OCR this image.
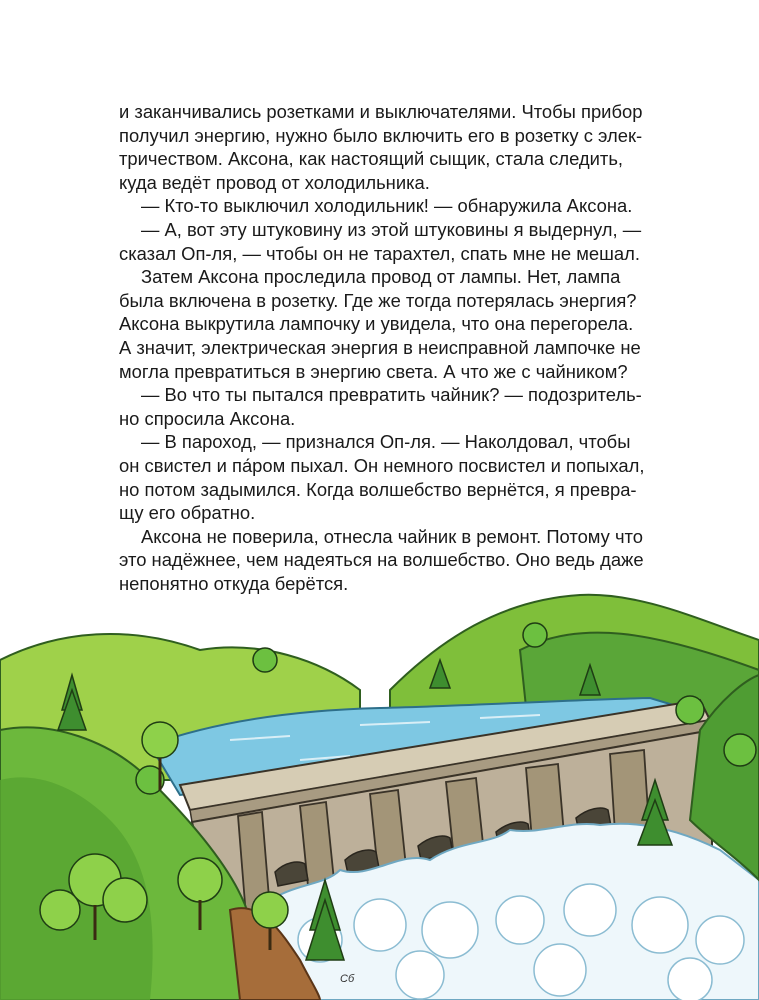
и заканчивались розетками и выключателями. Чтобы прибор
получил энергию, нужно было включить его в розетку с элек-
тричеством. Аксона, как настоящий сыщик, стала следить,
куда ведёт провод от холодильника.
— Кто-то выключил холодильник! — обнаружила Аксона.
— А, вот эту штуковину из этой штуковины я выдернул, —
сказал Оп-ля, — чтобы он не тарахтел, спать мне не мешал.
Затем Аксона проследила провод от лампы. Нет, лампа
была включена в розетку. Где же тогда потерялась энергия?
Аксона выкрутила лампочку и увидела, что она перегорела.
А значит, электрическая энергия в неисправной лампочке не
могла превратиться в энергию света. А что же с чайником?
— Во что ты пытался превратить чайник? — подозритель-
но спросила Аксона.
— В пароход, — признался Оп-ля. — Наколдовал, чтобы
он свистел и па́ром пыхал. Он немного посвистел и попыхал,
но потом задымился. Когда волшебство вернётся, я превра-
щу его обратно.
Аксона не поверила, отнесла чайник в ремонт. Потому что
это надёжнее, чем надеяться на волшебство. Оно ведь даже
непонятно откуда берётся.
Сб
